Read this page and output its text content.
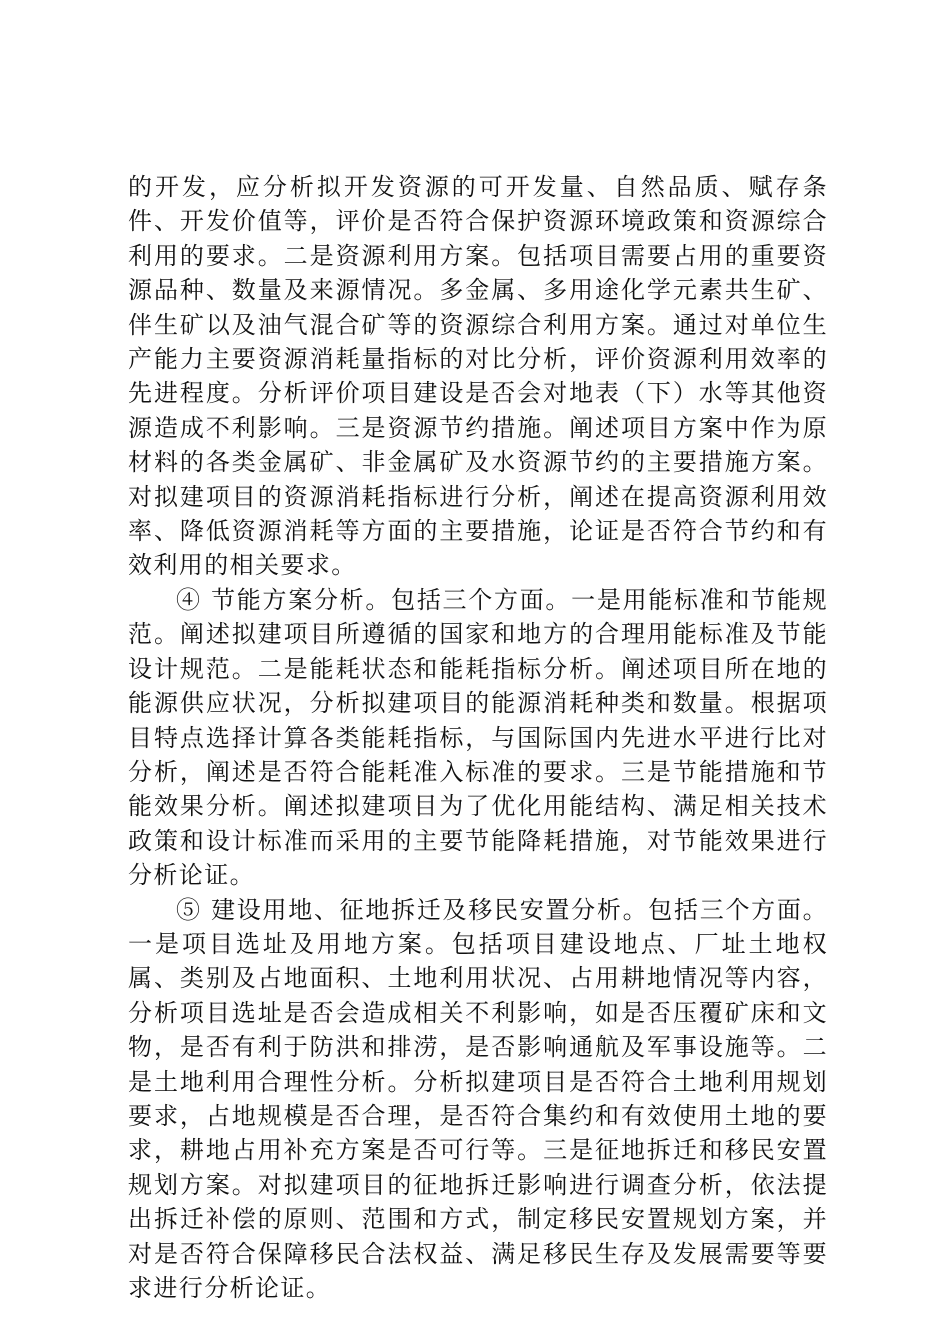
的开发，应分析拟开发资源的可开发量、自然品质、赋存条件、开发价值等，评价是否符合保护资源环境政策和资源综合利用的要求。二是资源利用方案。包括项目需要占用的重要资源品种、数量及来源情况。多金属、多用途化学元素共生矿、伴生矿以及油气混合矿等的资源综合利用方案。通过对单位生产能力主要资源消耗量指标的对比分析，评价资源利用效率的先进程度。分析评价项目建设是否会对地表（下）水等其他资源造成不利影响。三是资源节约措施。阐述项目方案中作为原材料的各类金属矿、非金属矿及水资源节约的主要措施方案。对拟建项目的资源消耗指标进行分析，阐述在提高资源利用效率、降低资源消耗等方面的主要措施，论证是否符合节约和有效利用的相关要求。

④ 节能方案分析。包括三个方面。一是用能标准和节能规范。阐述拟建项目所遵循的国家和地方的合理用能标准及节能设计规范。二是能耗状态和能耗指标分析。阐述项目所在地的能源供应状况，分析拟建项目的能源消耗种类和数量。根据项目特点选择计算各类能耗指标，与国际国内先进水平进行比对分析，阐述是否符合能耗准入标准的要求。三是节能措施和节能效果分析。阐述拟建项目为了优化用能结构、满足相关技术政策和设计标准而采用的主要节能降耗措施，对节能效果进行分析论证。

⑤ 建设用地、征地拆迁及移民安置分析。包括三个方面。一是项目选址及用地方案。包括项目建设地点、厂址土地权属、类别及占地面积、土地利用状况、占用耕地情况等内容，分析项目选址是否会造成相关不利影响，如是否压覆矿床和文物，是否有利于防洪和排涝，是否影响通航及军事设施等。二是土地利用合理性分析。分析拟建项目是否符合土地利用规划要求，占地规模是否合理，是否符合集约和有效使用土地的要求，耕地占用补充方案是否可行等。三是征地拆迁和移民安置规划方案。对拟建项目的征地拆迁影响进行调查分析，依法提出拆迁补偿的原则、范围和方式，制定移民安置规划方案，并对是否符合保障移民合法权益、满足移民生存及发展需要等要求进行分析论证。
